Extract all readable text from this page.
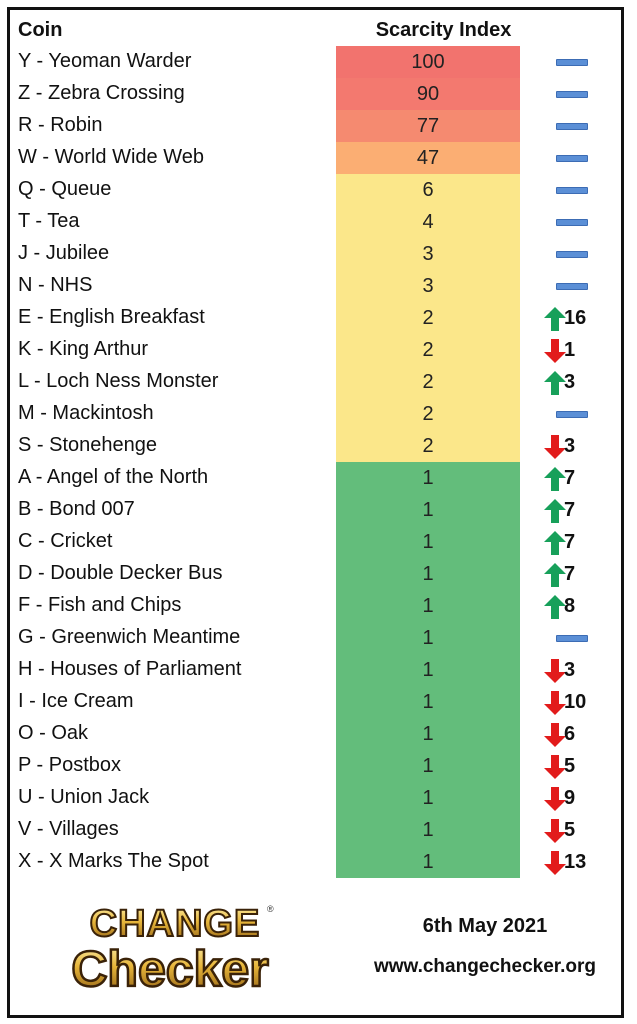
Coin	Scarcity Index
Y - Yeoman Warder	100
Z - Zebra Crossing	90
R - Robin	77
W - World Wide Web	47
Q - Queue	6
T - Tea	4
J - Jubilee	3
N - NHS	3
E - English Breakfast	2	16
K - King Arthur	2	1
L - Loch Ness Monster	2	3
M - Mackintosh	2
S - Stonehenge	2	3
A - Angel of the North	1	7
B - Bond 007	1	7
C - Cricket	1	7
D - Double Decker Bus	1	7
F - Fish and Chips	1	8
G - Greenwich Meantime	1
H - Houses of Parliament	1	3
I - Ice Cream	1	10
O - Oak	1	6
P - Postbox	1	5
U - Union Jack	1	9
V - Villages	1	5
X - X Marks The Spot	1	13
CHANGE ®
Checker
6th May 2021
www.changechecker.org
